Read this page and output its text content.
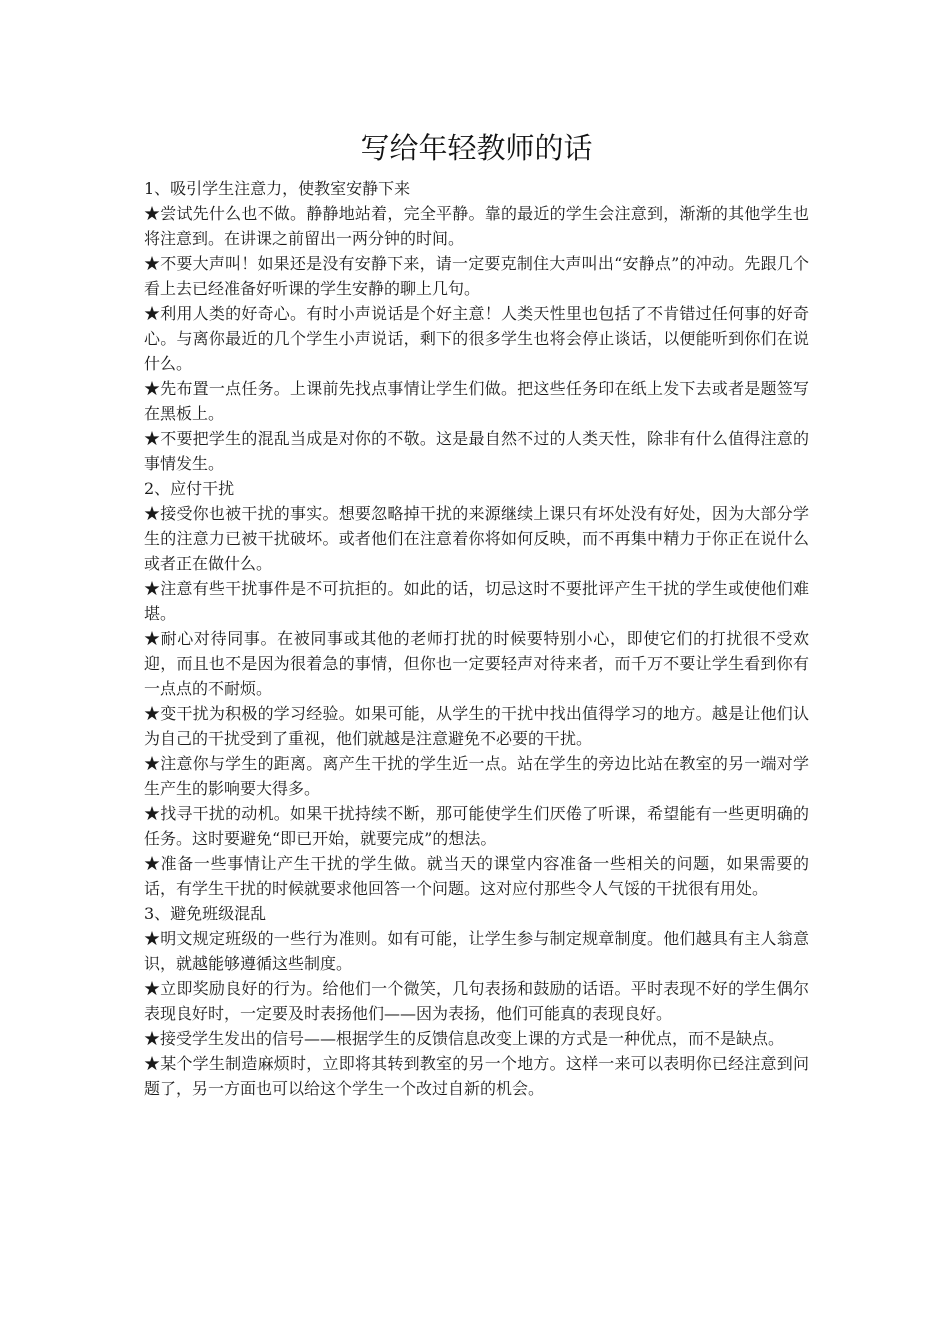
写给年轻教师的话

1、吸引学生注意力，使教室安静下来

★尝试先什么也不做。静静地站着，完全平静。靠的最近的学生会注意到，渐渐的其他学生也将注意到。在讲课之前留出一两分钟的时间。

★不要大声叫！如果还是没有安静下来，请一定要克制住大声叫出“安静点”的冲动。先跟几个看上去已经准备好听课的学生安静的聊上几句。

★利用人类的好奇心。有时小声说话是个好主意！人类天性里也包括了不肯错过任何事的好奇心。与离你最近的几个学生小声说话，剩下的很多学生也将会停止谈话，以便能听到你们在说什么。

★先布置一点任务。上课前先找点事情让学生们做。把这些任务印在纸上发下去或者是题签写在黑板上。

★不要把学生的混乱当成是对你的不敬。这是最自然不过的人类天性，除非有什么值得注意的事情发生。

2、应付干扰

★接受你也被干扰的事实。想要忽略掉干扰的来源继续上课只有坏处没有好处，因为大部分学生的注意力已被干扰破坏。或者他们在注意着你将如何反映，而不再集中精力于你正在说什么或者正在做什么。

★注意有些干扰事件是不可抗拒的。如此的话，切忌这时不要批评产生干扰的学生或使他们难堪。

★耐心对待同事。在被同事或其他的老师打扰的时候要特别小心，即使它们的打扰很不受欢迎，而且也不是因为很着急的事情，但你也一定要轻声对待来者，而千万不要让学生看到你有一点点的不耐烦。

★变干扰为积极的学习经验。如果可能，从学生的干扰中找出值得学习的地方。越是让他们认为自己的干扰受到了重视，他们就越是注意避免不必要的干扰。

★注意你与学生的距离。离产生干扰的学生近一点。站在学生的旁边比站在教室的另一端对学生产生的影响要大得多。

★找寻干扰的动机。如果干扰持续不断，那可能使学生们厌倦了听课，希望能有一些更明确的任务。这时要避免“即已开始，就要完成”的想法。

★准备一些事情让产生干扰的学生做。就当天的课堂内容准备一些相关的问题，如果需要的话，有学生干扰的时候就要求他回答一个问题。这对应付那些令人气馁的干扰很有用处。

3、避免班级混乱

★明文规定班级的一些行为准则。如有可能，让学生参与制定规章制度。他们越具有主人翁意识，就越能够遵循这些制度。

★立即奖励良好的行为。给他们一个微笑，几句表扬和鼓励的话语。平时表现不好的学生偶尔表现良好时，一定要及时表扬他们——因为表扬，他们可能真的表现良好。

★接受学生发出的信号——根据学生的反馈信息改变上课的方式是一种优点，而不是缺点。

★某个学生制造麻烦时，立即将其转到教室的另一个地方。这样一来可以表明你已经注意到问题了，另一方面也可以给这个学生一个改过自新的机会。
